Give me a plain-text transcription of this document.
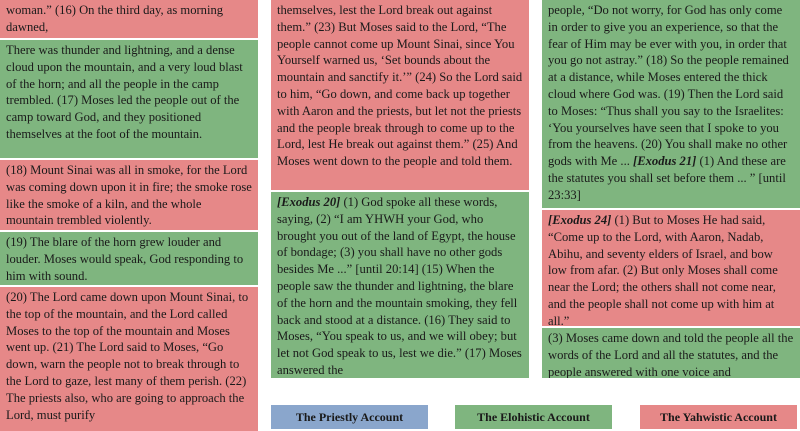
woman.” (16) On the third day, as morning dawned,
There was thunder and lightning, and a dense cloud upon the mountain, and a very loud blast of the horn; and all the people in the camp trembled. (17) Moses led the people out of the camp toward God, and they positioned themselves at the foot of the mountain.
(18) Mount Sinai was all in smoke, for the Lord was coming down upon it in fire; the smoke rose like the smoke of a kiln, and the whole mountain trembled violently.
(19) The blare of the horn grew louder and louder. Moses would speak, God responding to him with sound.
(20) The Lord came down upon Mount Sinai, to the top of the mountain, and the Lord called Moses to the top of the mountain and Moses went up. (21) The Lord said to Moses, “Go down, warn the people not to break through to the Lord to gaze, lest many of them perish. (22) The priests also, who are going to approach the Lord, must purify
themselves, lest the Lord break out against them.” (23) But Moses said to the Lord, “The people cannot come up Mount Sinai, since You Yourself warned us, ‘Set bounds about the mountain and sanctify it.’” (24) So the Lord said to him, “Go down, and come back up together with Aaron and the priests, but let not the priests and the people break through to come up to the Lord, lest He break out against them.” (25) And Moses went down to the people and told them.
[Exodus 20] (1) God spoke all these words, saying, (2) “I am YHWH your God, who brought you out of the land of Egypt, the house of bondage; (3) you shall have no other gods besides Me ...” [until 20:14] (15) When the people saw the thunder and lightning, the blare of the horn and the mountain smoking, they fell back and stood at a distance. (16) They said to Moses, “You speak to us, and we will obey; but let not God speak to us, lest we die.” (17) Moses answered the
people, “Do not worry, for God has only come in order to give you an experience, so that the fear of Him may be ever with you, in order that you go not astray.” (18) So the people remained at a distance, while Moses entered the thick cloud where God was. (19) Then the Lord said to Moses: “Thus shall you say to the Israelites: ‘You yourselves have seen that I spoke to you from the heavens. (20) You shall make no other gods with Me ... [Exodus 21] (1) And these are the statutes you shall set before them ... ” [until 23:33]
[Exodus 24] (1) But to Moses He had said, “Come up to the Lord, with Aaron, Nadab, Abihu, and seventy elders of Israel, and bow low from afar. (2) But only Moses shall come near the Lord; the others shall not come near, and the people shall not come up with him at all.”
(3) Moses came down and told the people all the words of the Lord and all the statutes, and the people answered with one voice and
The Priestly Account	The Elohistic Account	The Yahwistic Account
